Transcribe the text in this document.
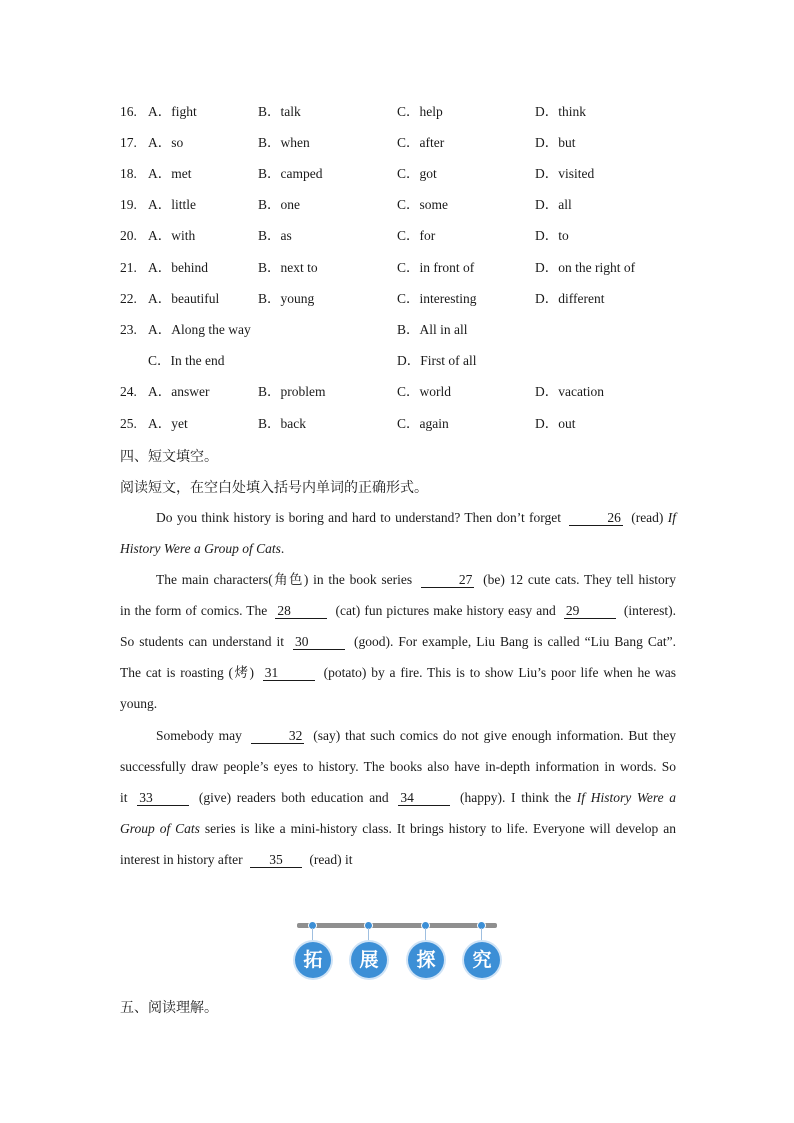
16. A．fight	B．talk	C．help	D．think
17. A．so	B．when	C．after	D．but
18. A．met	B．camped	C．got	D．visited
19. A．little	B．one	C．some	D．all
20. A．with	B．as	C．for	D．to
21. A．behind	B．next to	C．in front of	D．on the right of
22. A．beautiful	B．young	C．interesting	D．different
23. A．Along the way	B．All in all
C．In the end	D．First of all
24. A．answer	B．problem	C．world	D．vacation
25. A．yet	B．back	C．again	D．out
四、短文填空。
阅读短文，在空白处填入括号内单词的正确形式。
Do you think history is boring and hard to understand? Then don’t forget	26 (read) If
History Were a Group of Cats.
The main characters(角色) in the book series	27 (be) 12 cute cats. They tell history
in the form of comics. The 28	(cat) fun pictures make history easy and 29	(interest).
So students can understand it 30	(good). For example, Liu Bang is called “Liu Bang Cat”.
The cat is roasting (烤) 31	(potato) by a fire. This is to show Liu’s poor life when he was
young.
Somebody may	32 (say) that such comics do not give enough information. But they
successfully draw people’s eyes to history. The books also have in-depth information in words. So
it 33	(give) readers both education and 34	(happy). I think the If History Were a
Group of Cats series is like a mini-history class. It brings history to life. Everyone will develop an
interest in history after 35 (read) it
拓	展	探	究
五、阅读理解。
